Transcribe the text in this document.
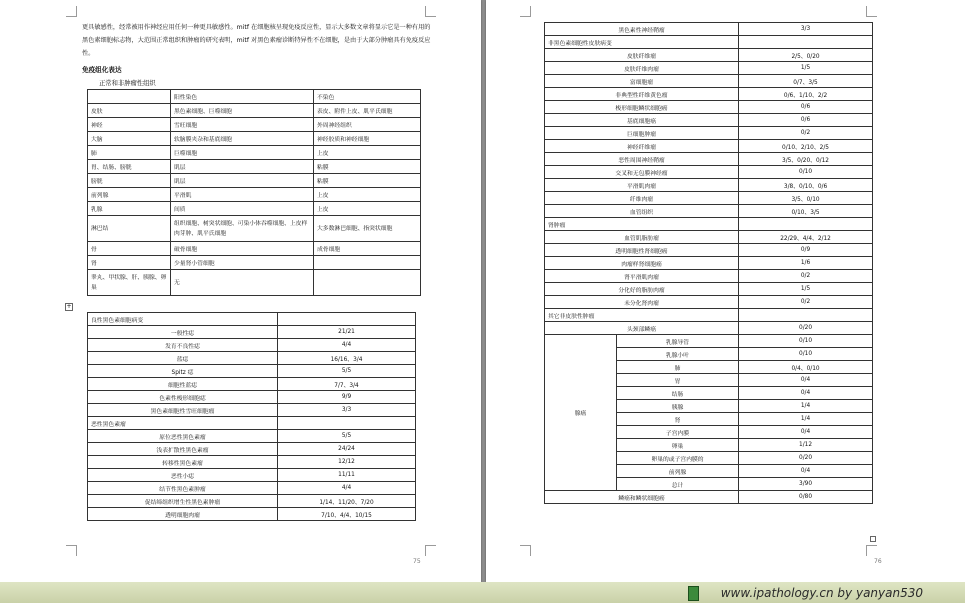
更具敏感性，经常被用作神经应用任何一种更具敏感性。mitf 在细胞核呈现免疫反应性，显示大多数文章将显示它是一种有用的黑色素细胞标志物，大范围正常组织和肿瘤的研究表明，mitf 对黑色素瘤诊断特异性不在细胞，是由于大部分肿瘤具有免疫反应性。

免疫组化表达
正常和非肿瘤性组织
	阳性染色	不染色
皮肤	黑色素细胞、巨噬细胞	表皮、附件上皮、肌平氏细胞
神经	雪旺细胞	外周神经组织
大脑	软脑膜夹杂和基底细胞	神经胶质和神经细胞
肺	巨噬细胞	上皮
胃、结肠、膀胱	肌层	粘膜
膀胱	肌层	粘膜
前列腺	平滑肌	上皮
乳腺	间质	上皮
淋巴结	组织细胞、树突状细胞、可染小体吞噬细胞、上皮样肉芽肿、肌平氏细胞	大多数淋巴细胞、指突状细胞
骨	破骨细胞	成骨细胞
肾	少量肾小管细胞	
睾丸、甲状腺、肝、胰腺、卵巢	无	
+
良性黑色素细胞病变	
一般性痣	21/21
发育不良性痣	4/4
蓝痣	16/16、3/4
Spitz 痣	5/5
细胞性蓝痣	7/7、3/4
色素性梭形细胞痣	9/9
黑色素细胞性雪旺细胞瘤	3/3
恶性黑色素瘤	
原位恶性黑色素瘤	5/5
浅表扩散性黑色素瘤	24/24
转移性黑色素瘤	12/12
恶性小痣	11/11
结节性黑色素肿瘤	4/4
促结缔组织增生性黑色素肿瘤	1/14、11/20、7/20
透明细胞肉瘤	7/10、4/4、10/15
75
黑色素性神经鞘瘤		3/3
非黑色素细胞性皮肤病变		
皮肤纤维瘤		2/5、0/20
皮肤纤维肉瘤		1/5
富细胞瘤		0/7、3/5
非典型性纤维黄色瘤		0/6、1/10、2/2
梭形细胞鳞状细胞癌		0/6
基底细胞癌		0/6
巨细胞肿瘤		0/2
神经纤维瘤		0/10、2/10、2/5
恶性周围神经鞘瘤		3/5、0/20、0/12
交叉和无包膜神经瘤		0/10
平滑肌肉瘤		3/8、0/10、0/6
纤维肉瘤		3/5、0/10
血管组织		0/10、3/5
肾肿瘤		
血管肌脂肪瘤		22/29、4/4、2/12
透明细胞性肾细胞癌		0/9
肉瘤样肾细胞癌		1/6
肾平滑肌肉瘤		0/2
分化好的脂肪肉瘤		1/5
未分化肾肉瘤		0/2
其它非皮肤性肿瘤		
头颈部鳞癌		0/20
腺癌	乳腺导管	0/10
	乳腺小叶	0/10
	肺	0/4、0/10
	胃	0/4
	结肠	0/4
	胰腺	1/4
	肾	1/4
	子宫内膜	0/4
	卵巢	1/12
	卵巢的或子宫内膜的	0/20
	前列腺	0/4
	总计	3/90
鳞癌和鳞状细胞癌		0/80
76
www.ipathology.cn by yanyan530
